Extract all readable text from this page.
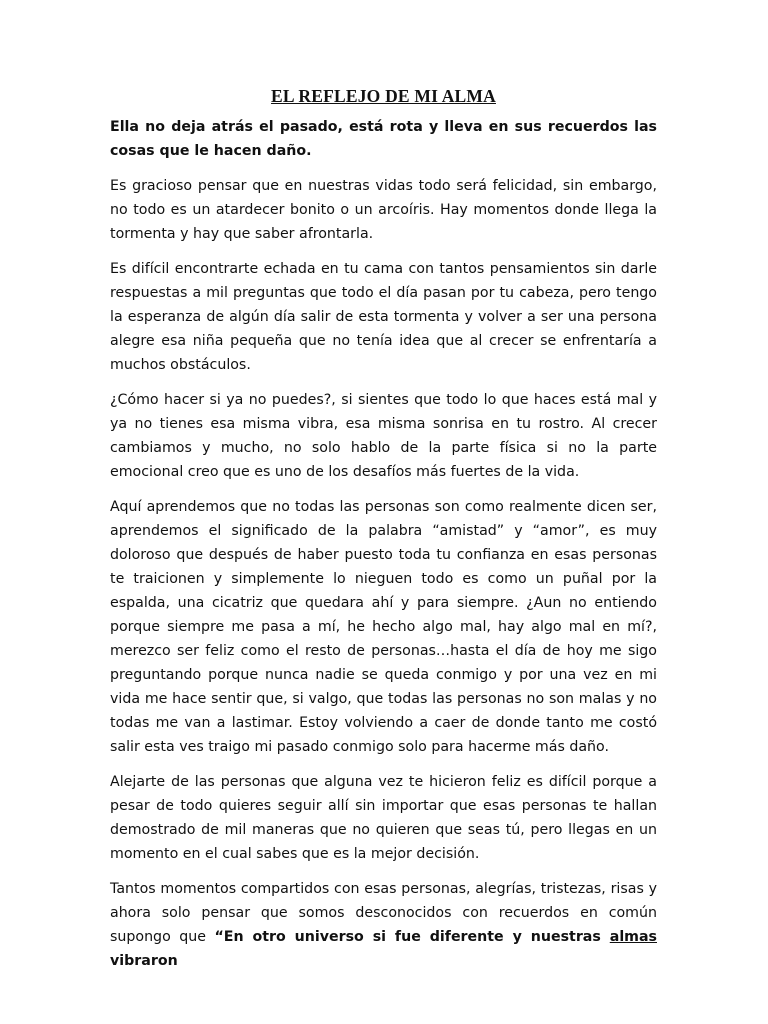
EL REFLEJO DE MI ALMA

Ella no deja atrás el pasado, está rota y lleva en sus recuerdos las cosas que le hacen daño.

Es gracioso pensar que en nuestras vidas todo será felicidad, sin embargo, no todo es un atardecer bonito o un arcoíris. Hay momentos donde llega la tormenta y hay que saber afrontarla.

Es difícil encontrarte echada en tu cama con tantos pensamientos sin darle respuestas a mil preguntas que todo el día pasan por tu cabeza, pero tengo la esperanza de algún día salir de esta tormenta y volver a ser una persona alegre esa niña pequeña que no tenía idea que al crecer se enfrentaría a muchos obstáculos.

¿Cómo hacer si ya no puedes?, si sientes que todo lo que haces está mal y ya no tienes esa misma vibra, esa misma sonrisa en tu rostro. Al crecer cambiamos y mucho, no solo hablo de la parte física si no la parte emocional creo que es uno de los desafíos más fuertes de la vida.

Aquí aprendemos que no todas las personas son como realmente dicen ser, aprendemos el significado de la palabra “amistad” y “amor”, es muy doloroso que después de haber puesto toda tu confianza en esas personas te traicionen y simplemente lo nieguen todo es como un puñal por la espalda, una cicatriz que quedara ahí y para siempre. ¿Aun no entiendo porque siempre me pasa a mí, he hecho algo mal, hay algo mal en mí?, merezco ser feliz como el resto de personas…hasta el día de hoy me sigo preguntando porque nunca nadie se queda conmigo y por una vez en mi vida me hace sentir que, si valgo, que todas las personas no son malas y no todas me van a lastimar. Estoy volviendo a caer de donde tanto me costó salir esta ves traigo mi pasado conmigo solo para hacerme más daño.

Alejarte de las personas que alguna vez te hicieron feliz es difícil porque a pesar de todo quieres seguir allí sin importar que esas personas te hallan demostrado de mil maneras que no quieren que seas tú, pero llegas en un momento en el cual sabes que es la mejor decisión.

Tantos momentos compartidos con esas personas, alegrías, tristezas, risas y ahora solo pensar que somos desconocidos con recuerdos en común supongo que “En otro universo si fue diferente y nuestras almas vibraron
